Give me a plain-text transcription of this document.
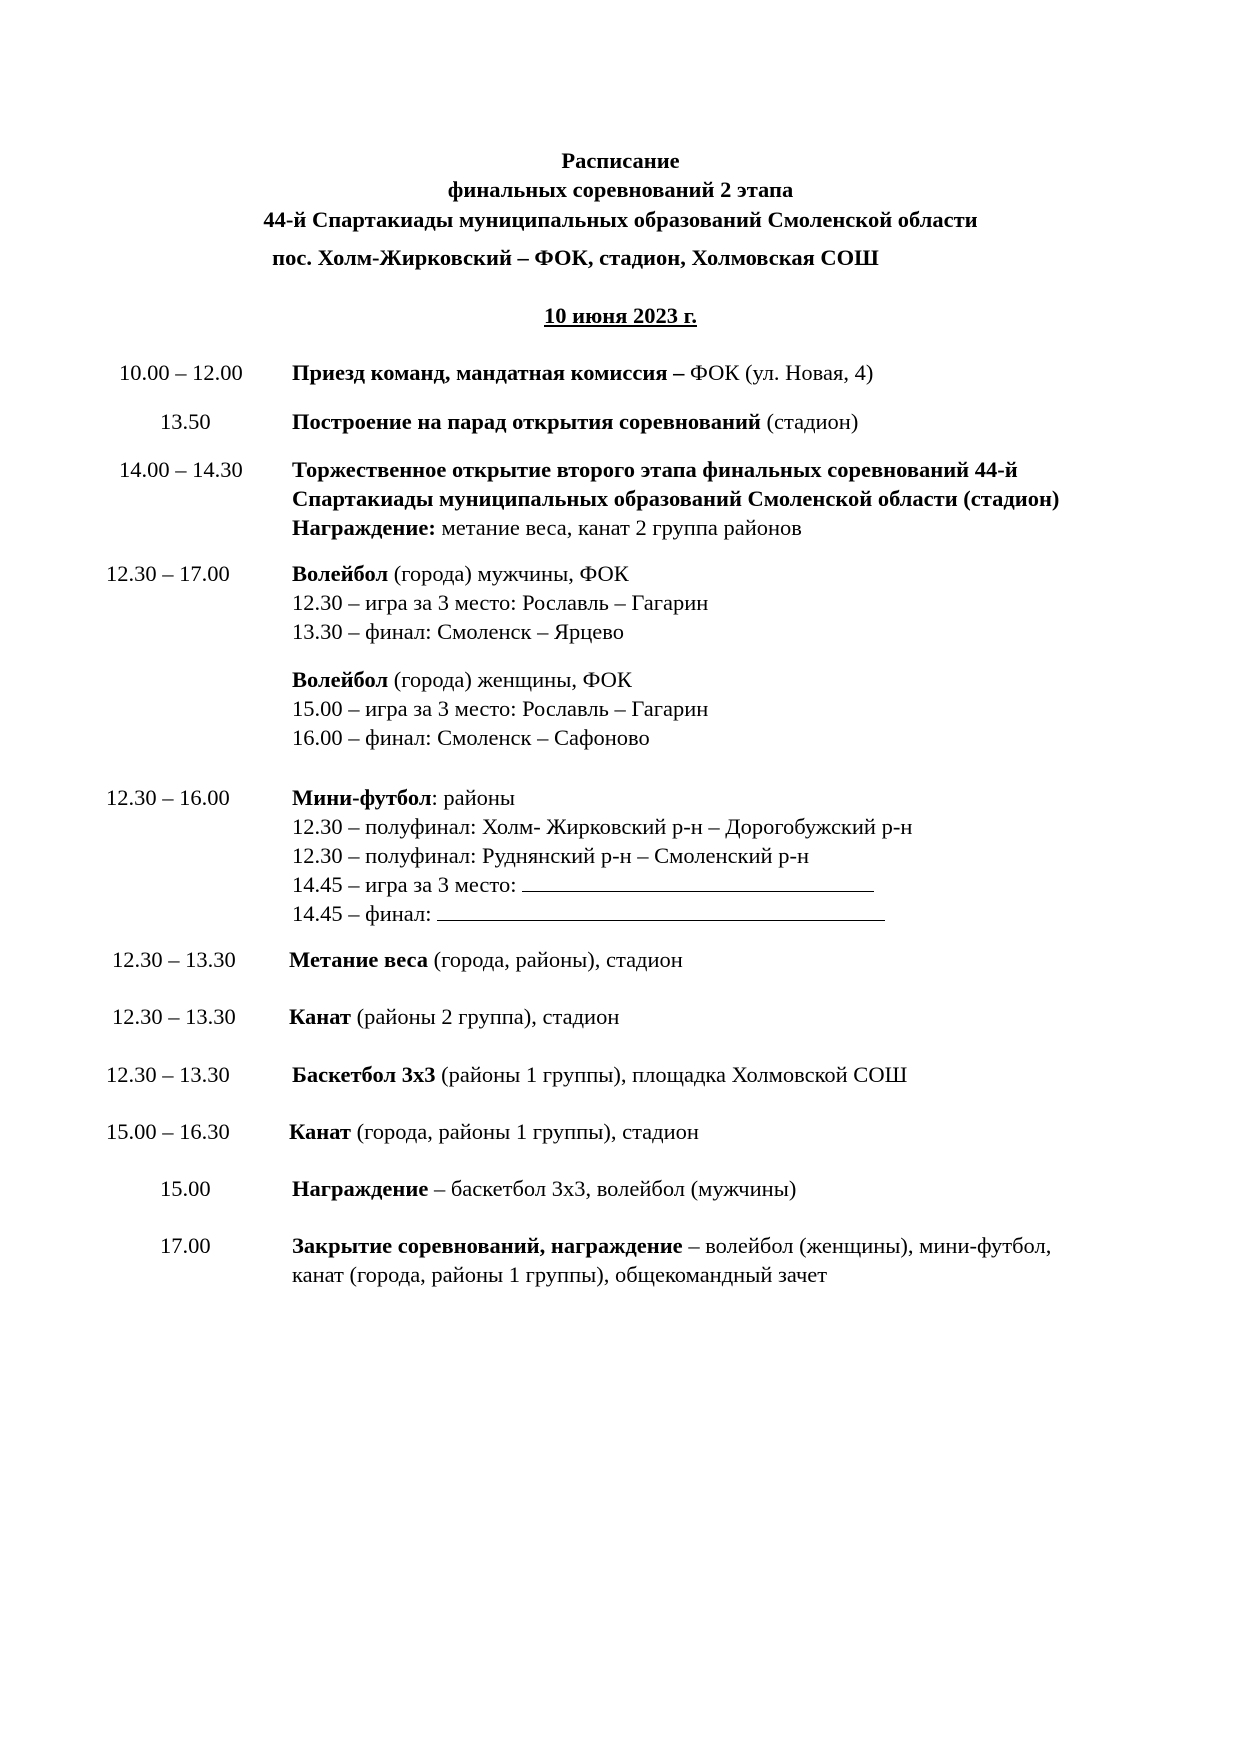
Расписание
финальных соревнований 2 этапа
44-й Спартакиады муниципальных образований Смоленской области
пос. Холм-Жирковский – ФОК, стадион, Холмовская СОШ
10 июня 2023 г.
10.00 – 12.00 Приезд команд, мандатная комиссия – ФОК (ул. Новая, 4)
13.50	Построение на парад открытия соревнований (стадион)
14.00 – 14.30 Торжественное открытие второго этапа финальных соревнований 44-й
Спартакиады муниципальных образований Смоленской области (стадион)
Награждение: метание веса, канат 2 группа районов
12.30 – 17.00	Волейбол (города) мужчины, ФОК
12.30 – игра за 3 место: Рославль – Гагарин
13.30 – финал: Смоленск – Ярцево
Волейбол (города) женщины, ФОК
15.00 – игра за 3 место: Рославль – Гагарин
16.00 – финал: Смоленск – Сафоново
12.30 – 16.00	Мини-футбол: районы
12.30 – полуфинал: Холм- Жирковский р-н – Дорогобужский р-н
12.30 – полуфинал: Руднянский р-н – Смоленский р-н
14.45 – игра за 3 место:
14.45 – финал:
12.30 – 13.30 Метание веса (города, районы), стадион
12.30 – 13.30 Канат (районы 2 группа), стадион
12.30 – 13.30	Баскетбол 3х3 (районы 1 группы), площадка Холмовской СОШ
15.00 – 16.30	Канат (города, районы 1 группы), стадион
15.00	Награждение – баскетбол 3х3, волейбол (мужчины)
17.00	Закрытие соревнований, награждение – волейбол (женщины), мини-футбол,
канат (города, районы 1 группы), общекомандный зачет
